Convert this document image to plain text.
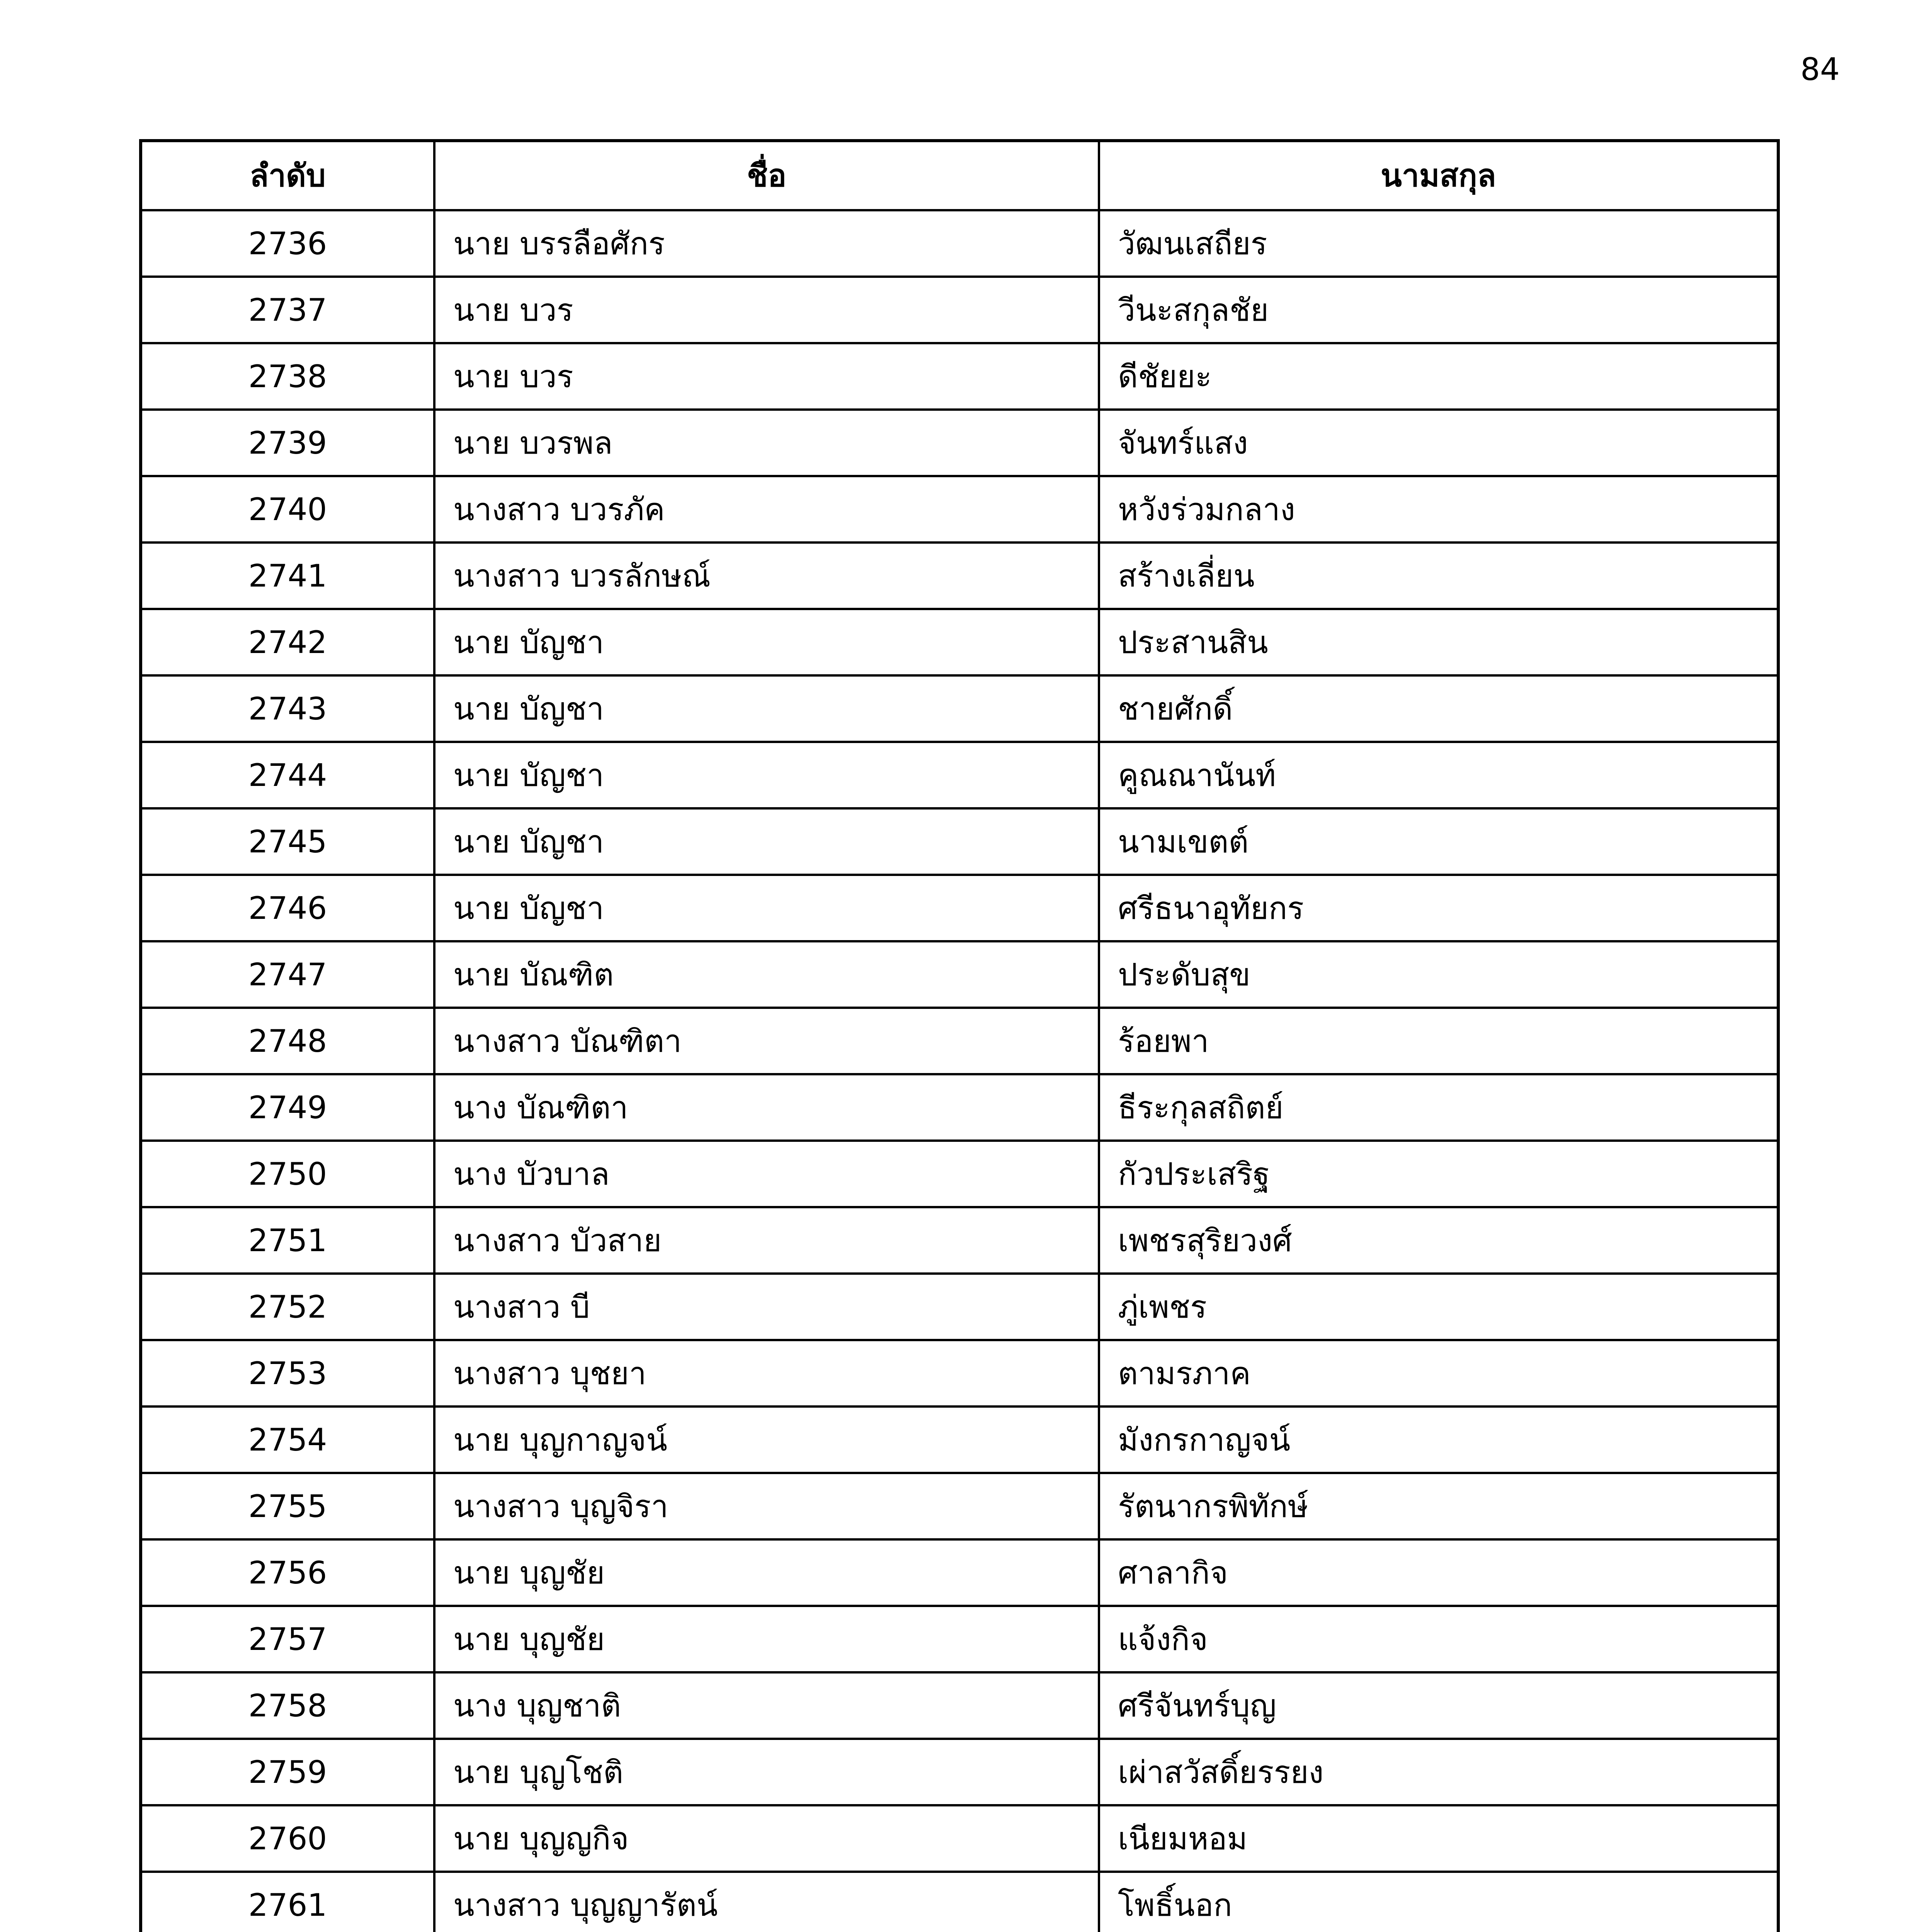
84
ลำดับ	ชื่อ	นามสกุล
2736	นาย บรรลือศักร	วัฒนเสถียร
2737	นาย บวร	วีนะสกุลชัย
2738	นาย บวร	ดีชัยยะ
2739	นาย บวรพล	จันทร์แสง
2740	นางสาว บวรภัค	หวังร่วมกลาง
2741	นางสาว บวรลักษณ์	สร้างเลี่ยน
2742	นาย บัญชา	ประสานสิน
2743	นาย บัญชา	ชายศักดิ์
2744	นาย บัญชา	คูณณานันท์
2745	นาย บัญชา	นามเขตต์
2746	นาย บัญชา	ศรีธนาอุทัยกร
2747	นาย บัณฑิต	ประดับสุข
2748	นางสาว บัณฑิตา	ร้อยพา
2749	นาง บัณฑิตา	ธีระกุลสถิตย์
2750	นาง บัวบาล	กัวประเสริฐ
2751	นางสาว บัวสาย	เพชรสุริยวงศ์
2752	นางสาว บี	ภู่เพชร
2753	นางสาว บุชยา	ตามรภาค
2754	นาย บุญกาญจน์	มังกรกาญจน์
2755	นางสาว บุญจิรา	รัตนากรพิทักษ์
2756	นาย บุญชัย	ศาลากิจ
2757	นาย บุญชัย	แจ้งกิจ
2758	นาง บุญชาติ	ศรีจันทร์บุญ
2759	นาย บุญโชติ	เผ่าสวัสดิ์ยรรยง
2760	นาย บุญญกิจ	เนียมหอม
2761	นางสาว บุญญารัตน์	โพธิ์นอก
